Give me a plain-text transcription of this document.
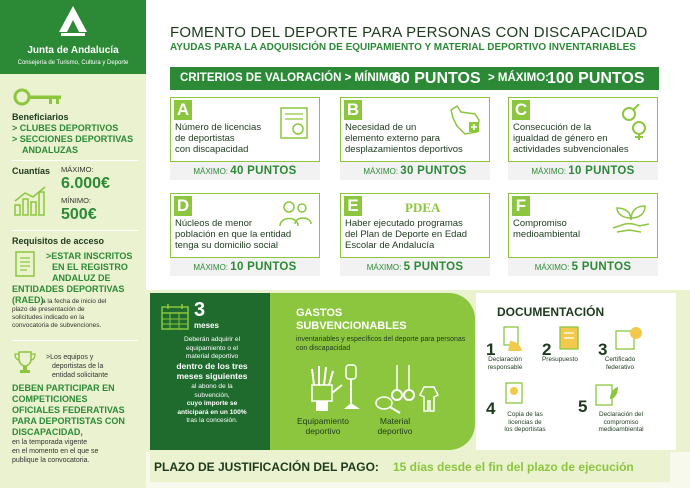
Junta de Andalucía
Consejería de Turismo, Cultura y Deporte
Beneficiarios
> CLUBES DEPORTIVOS
> SECCIONES DEPORTIVAS
ANDALUZAS
Cuantías MÁXIMO:
6.000€
MÍNIMO:
500€
Requisitos de acceso
>ESTAR INSCRITOS
EN EL REGISTRO
ANDALUZ DE
ENTIDADES DEPORTIVAS
(RAED)
a la fecha de inicio del
plazo de presentación de
solicitudes indicado en la
convocatoria de subvenciones.
>Los equipos y
deportistas de la
entidad solicitante
DEBEN PARTICIPAR EN
COMPETICIONES
OFICIALES FEDERATIVAS
PARA DEPORTISTAS CON
DISCAPACIDAD,
en la temporada vigente
en el momento en el que se
publique la convocatoria.
FOMENTO DEL DEPORTE PARA PERSONAS CON DISCAPACIDAD
AYUDAS PARA LA ADQUISICIÓN DE EQUIPAMIENTO Y MATERIAL DEPORTIVO INVENTARIABLES
CRITERIOS DE VALORACIÓN > MÍNIMO:
60 PUNTOS > MÁXIMO:
100 PUNTOS
A
Número de licencias
de deportistas
con discapacidad
MÁXIMO: 40 PUNTOS
B
Necesidad de un
elemento externo para
desplazamientos deportivos
MÁXIMO: 30 PUNTOS
C
Consecución de la
igualdad de género en
actividades subvencionales
MÁXIMO: 10 PUNTOS
D
Núcleos de menor
población en que la entidad
tenga su domicilio social
MÁXIMO: 10 PUNTOS
E	PDEA
Haber ejecutado programas
del Plan de Deporte en Edad
Escolar de Andalucía
MÁXIMO: 5 PUNTOS
F
Compromiso
medioambiental
MÁXIMO: 5 PUNTOS
3
meses
Deberán adquirir el
equipamiento o el
material deportivo
dentro de los tres
meses siguientes
al abono de la
subvención,
cuyo importe se
anticipará en un 100%
tras la concesión.
GASTOS
SUBVENCIONABLES
inventariables y específicos del deporte para personas con discapacidad
Equipamiento
deportivo
Material
deportivo
DOCUMENTACIÓN
1
Declaración
responsable
2
Presupuesto
3
Certificado
federativo
4	Copia de las
licencias de
los deportistas
5	Declaración del
compromiso
medioambiental
PLAZO DE JUSTIFICACIÓN DEL PAGO: 15 días desde el fin del plazo de ejecución
